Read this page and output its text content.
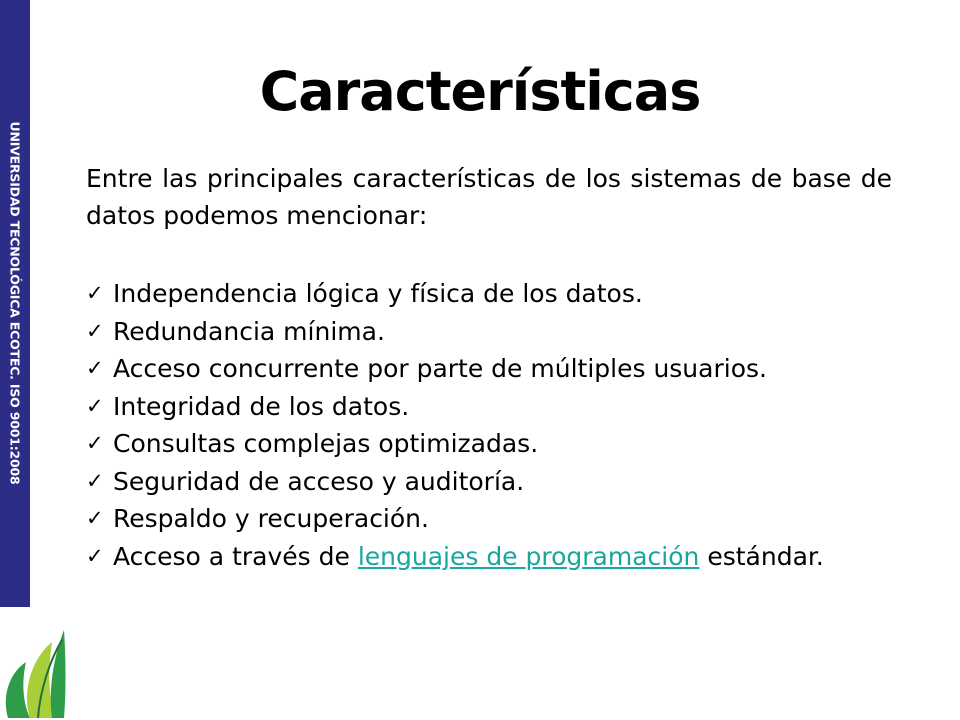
UNIVERSIDAD TECNOLÓGICA ECOTEC. ISO 9001:2008
Características
Entre las principales características de los sistemas de base de datos podemos mencionar:
✓ Independencia lógica y física de los datos.
✓ Redundancia mínima.
✓ Acceso concurrente por parte de múltiples usuarios.
✓ Integridad de los datos.
✓ Consultas complejas optimizadas.
✓ Seguridad de acceso y auditoría.
✓ Respaldo y recuperación.
✓ Acceso a través de lenguajes de programación estándar.
